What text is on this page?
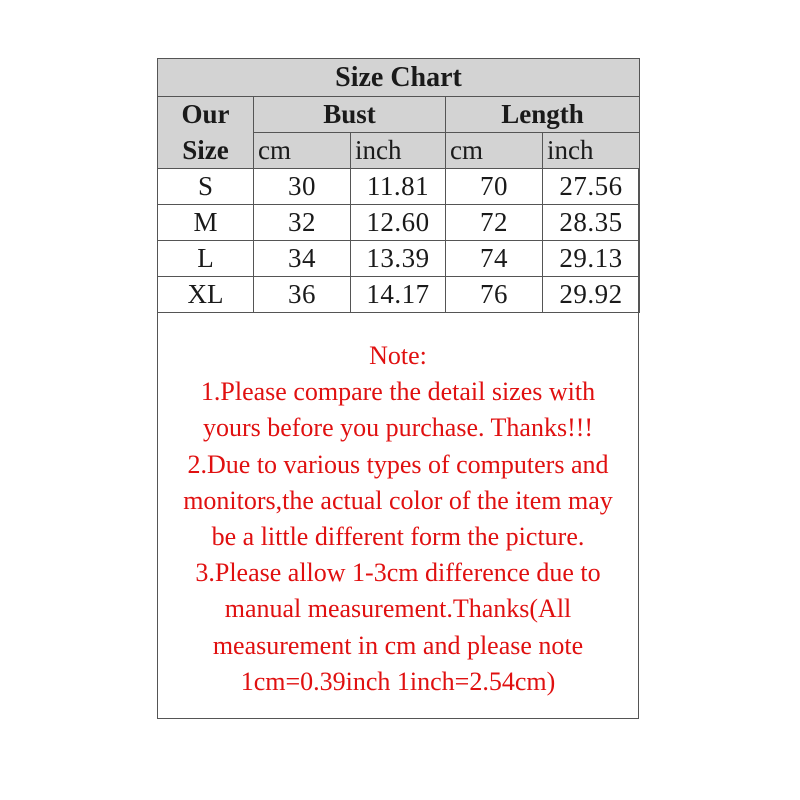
Size Chart				
Our
Size	Bust		Length	
	cm	inch	cm	inch
S	30	11.81	70	27.56
M	32	12.60	72	28.35
L	34	13.39	74	29.13
XL	36	14.17	76	29.92
Note:
1.Please compare the detail sizes with
yours before you purchase. Thanks!!!
2.Due to various types of computers and
monitors,the actual color of the item may
be a little different form the picture.
3.Please allow 1-3cm difference due to
manual measurement.Thanks(All
measurement in cm and please note
1cm=0.39inch 1inch=2.54cm)
